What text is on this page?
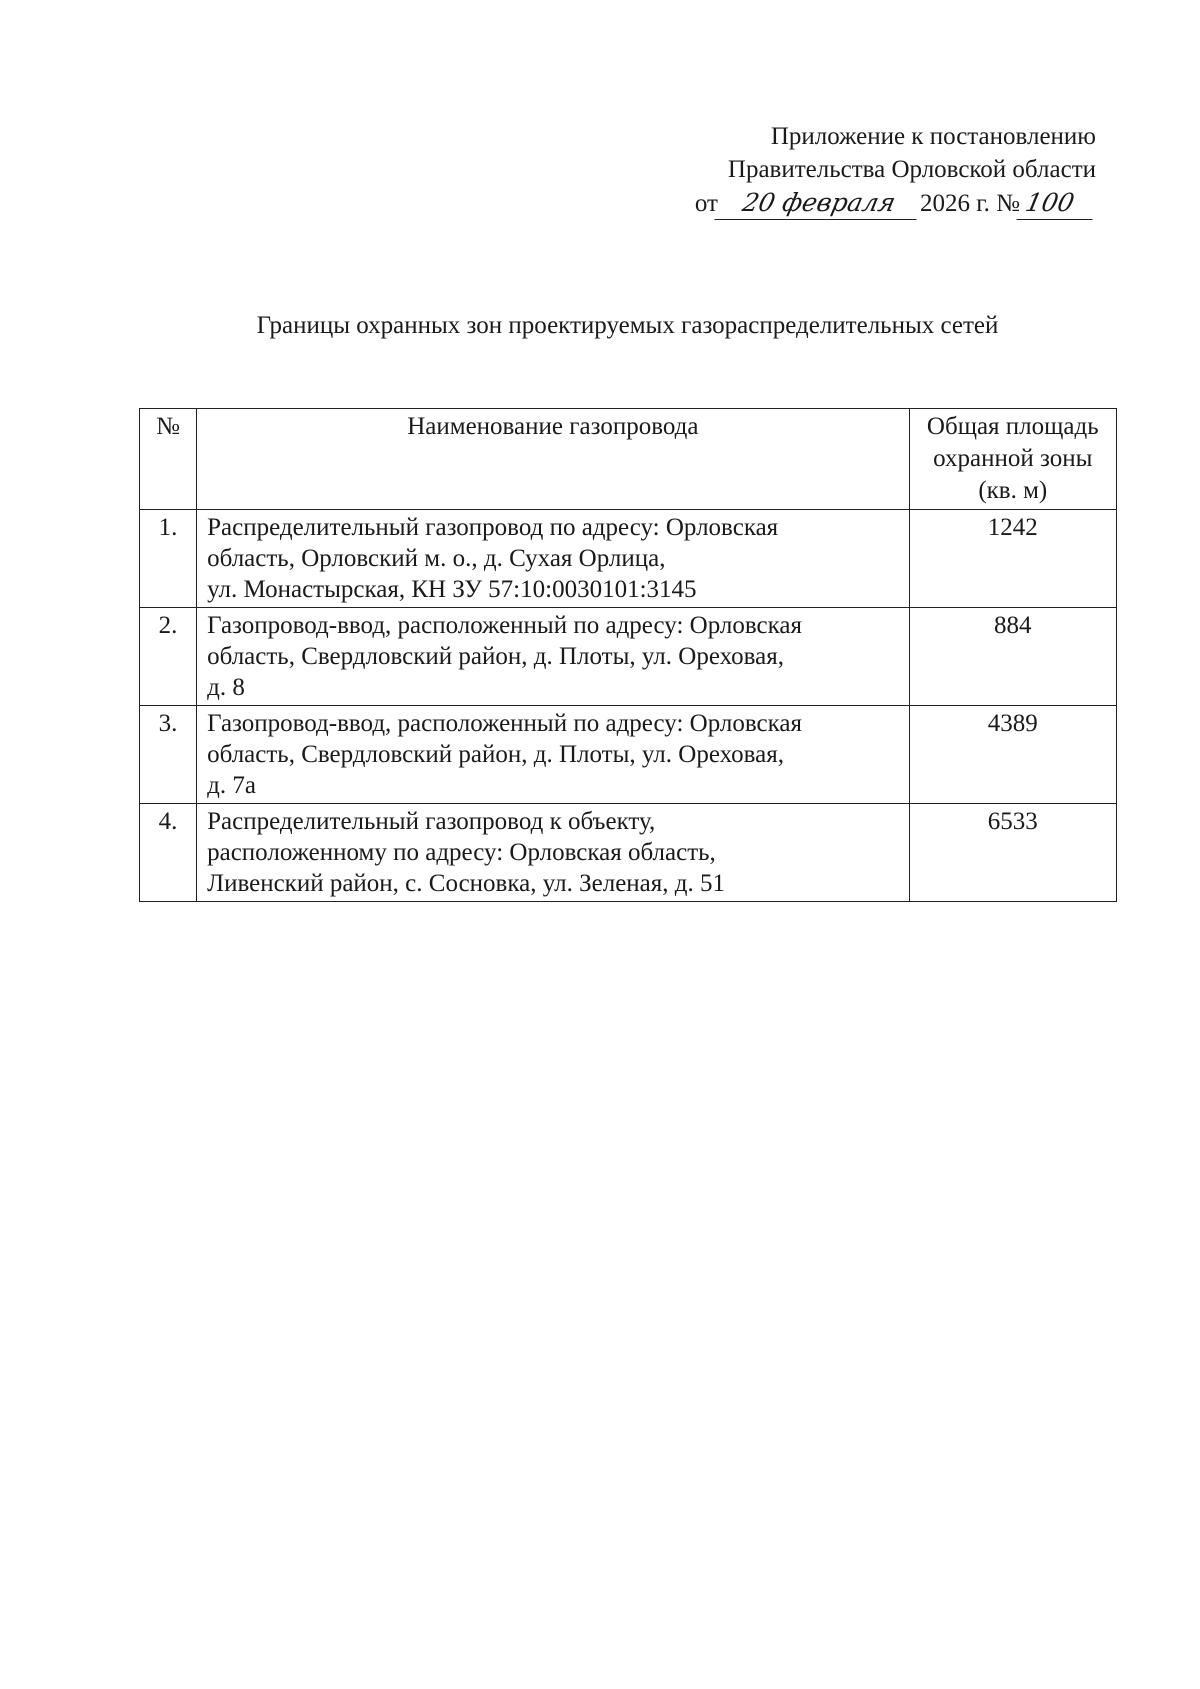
Приложение к постановлению
Правительства Орловской области
от 20 февраля 2026 г. № 100
Границы охранных зон проектируемых газораспределительных сетей
№	Наименование газопровода	Общая площадь
охранной зоны
(кв. м)

1.	Распределительный газопровод по адресу: Орловская
область, Орловский м. о., д. Сухая Орлица,
ул. Монастырская, КН ЗУ 57:10:0030101:3145	1242
2.	Газопровод-ввод, расположенный по адресу: Орловская
область, Свердловский район, д. Плоты, ул. Ореховая,
д. 8	884
3.	Газопровод-ввод, расположенный по адресу: Орловская
область, Свердловский район, д. Плоты, ул. Ореховая,
д. 7а	4389
4.	Распределительный газопровод к объекту,
расположенному по адресу: Орловская область,
Ливенский район, с. Сосновка, ул. Зеленая, д. 51	6533
